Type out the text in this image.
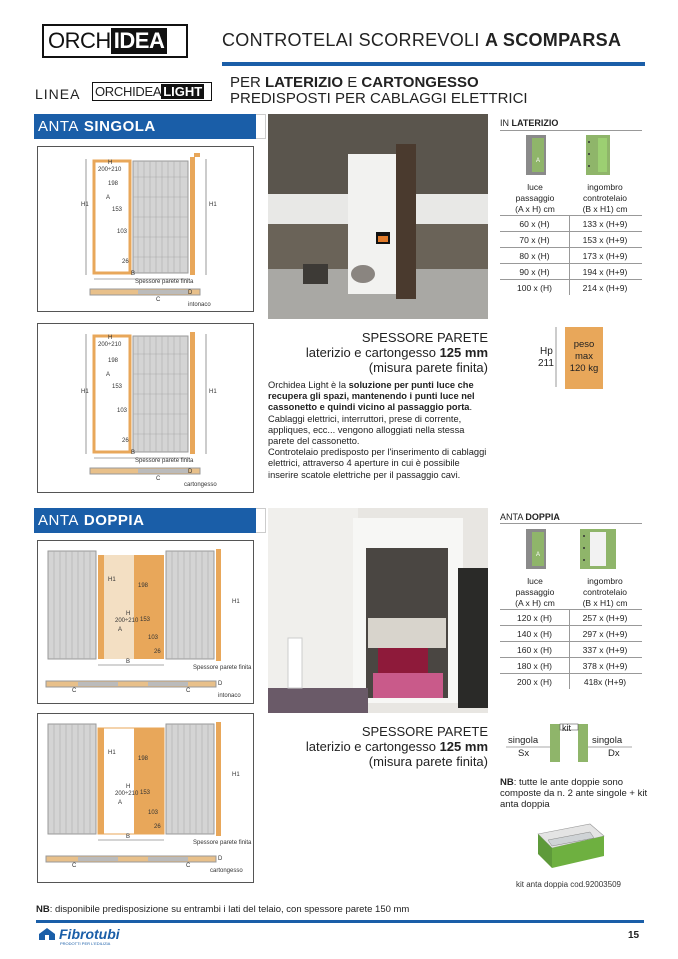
ORCH IDEA	CONTROTELAI SCORREVOLI A SCOMPARSA
LINEA ORCHIDEA LIGHT
PER LATERIZIO E CARTONGESSO
PREDISPOSTI PER CABLAGGI ELETTRICI
ANTA SINGOLA
H
200÷210
198
A
153
H1	H1
103
26
B
Spessore parete finita
D
C
intonaco
H
200÷210
198
A
153
H1	H1
103
26
B
Spessore parete finita
D
C
cartongesso
SPESSORE PARETE
laterizio e cartongesso 125 mm
(misura parete finita)
Orchidea Light è la soluzione per punti luce che recupera gli spazi, mantenendo i punti luce nel cassonetto e quindi vicino al passaggio porta.
Cablaggi elettrici, interruttori, prese di corrente, appliques, ecc... vengono alloggiati nella stessa parete del cassonetto.
Controtelaio predisposto per l'inserimento di cablaggi elettrici, attraverso 4 aperture in cui è possibile inserire scatole elettriche per il passaggio cavi.
IN LATERIZIO
A
luce
passaggio
(A x H) cm
ingombro
controtelaio
(B x H1) cm
60 x (H)	133 x (H+9)
70 x (H)	153 x (H+9)
80 x (H)	173 x (H+9)
90 x (H)	194 x (H+9)
100 x (H)	214 x (H+9)
Hp
211
peso
max
120 kg
ANTA DOPPIA
H1
198
H
200÷210
A
153
103
26
H1
B
Spessore parete finita
C	C
D
intonaco
H1
198
H
200÷210
A
153
103
26
H1
B
Spessore parete finita
C	C
D
cartongesso
SPESSORE PARETE
laterizio e cartongesso 125 mm
(misura parete finita)
ANTA DOPPIA
A
luce
passaggio
(A x H) cm
ingombro
controtelaio
(B x H1) cm
120 x (H)	257 x (H+9)
140 x (H)	297 x (H+9)
160 x (H)	337 x (H+9)
180 x (H)	378 x (H+9)
200 x (H)	418x (H+9)
kit
singola
Sx
singola
Dx
NB: tutte le ante doppie sono composte da n. 2 ante singole + kit anta doppia
kit anta doppia cod.92003509
NB: disponibile predisposizione su entrambi i lati del telaio, con spessore parete 150 mm
Fibrotubi
PRODOTTI PER L'EDILIZIA
15
